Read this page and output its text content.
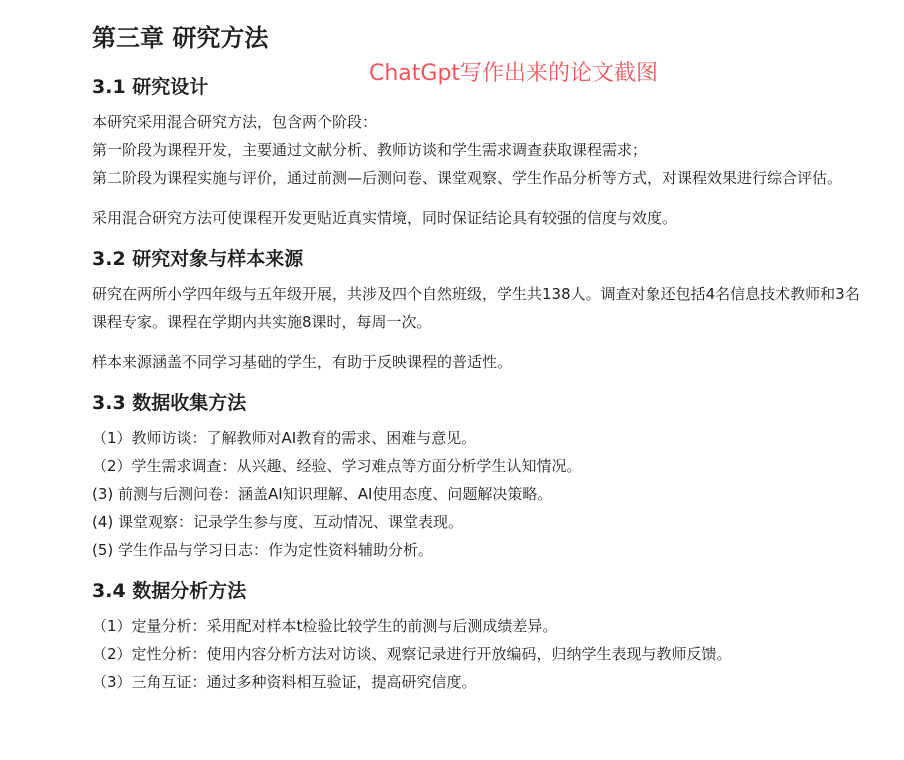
ChatGpt写作出来的论文截图
第三章 研究方法
3.1 研究设计

本研究采用混合研究方法，包含两个阶段：

第一阶段为课程开发，主要通过文献分析、教师访谈和学生需求调查获取课程需求；

第二阶段为课程实施与评价，通过前测—后测问卷、课堂观察、学生作品分析等方式，对课程效果进行综合评估。

采用混合研究方法可使课程开发更贴近真实情境，同时保证结论具有较强的信度与效度。

3.2 研究对象与样本来源

研究在两所小学四年级与五年级开展，共涉及四个自然班级，学生共138人。调查对象还包括4名信息技术教师和3名课程专家。课程在学期内共实施8课时，每周一次。

样本来源涵盖不同学习基础的学生，有助于反映课程的普适性。

3.3 数据收集方法

（1）教师访谈：了解教师对AI教育的需求、困难与意见。

（2）学生需求调查：从兴趣、经验、学习难点等方面分析学生认知情况。

(3) 前测与后测问卷：涵盖AI知识理解、AI使用态度、问题解决策略。

(4) 课堂观察：记录学生参与度、互动情况、课堂表现。

(5) 学生作品与学习日志：作为定性资料辅助分析。

3.4 数据分析方法

（1）定量分析：采用配对样本t检验比较学生的前测与后测成绩差异。

（2）定性分析：使用内容分析方法对访谈、观察记录进行开放编码，归纳学生表现与教师反馈。

（3）三角互证：通过多种资料相互验证，提高研究信度。
